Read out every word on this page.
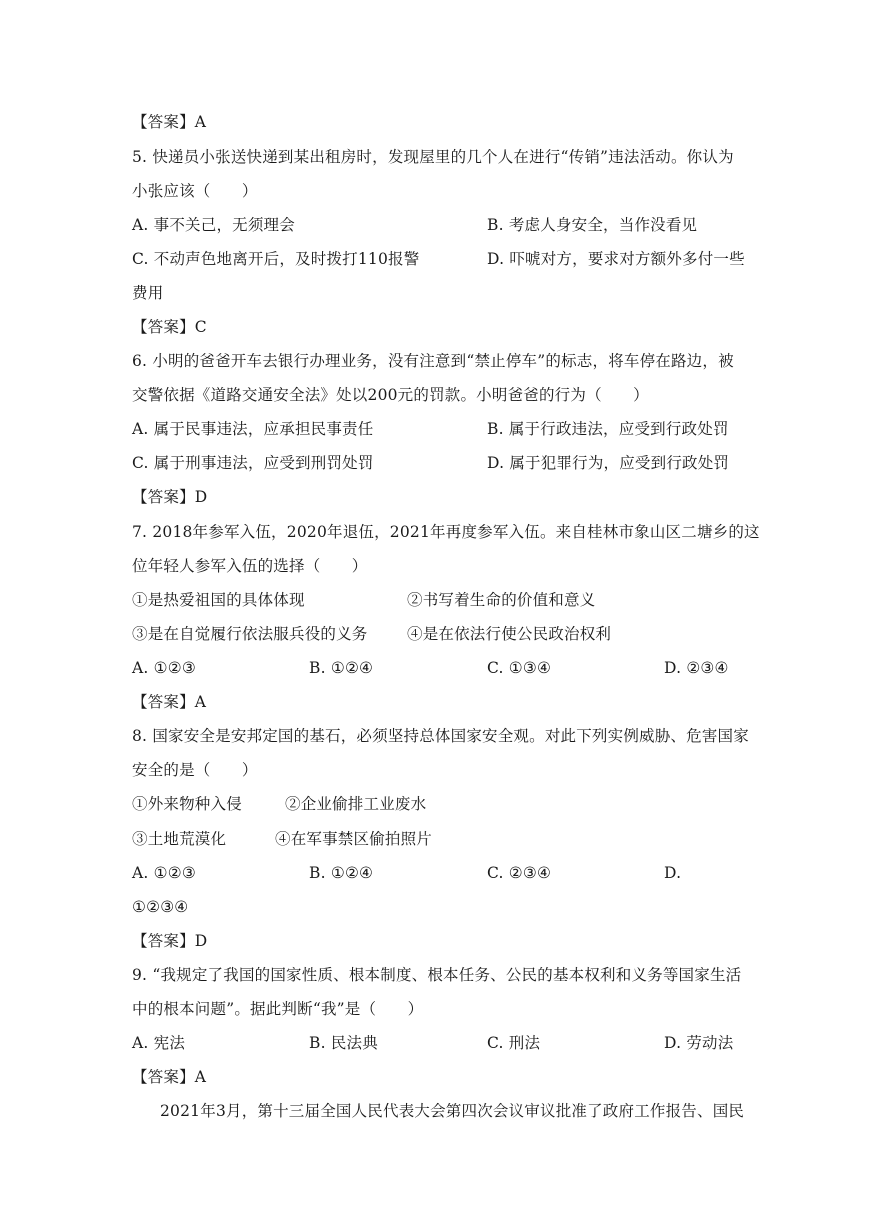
【答案】A
5. 快递员小张送快递到某出租房时，发现屋里的几个人在进行“传销”违法活动。你认为
小张应该（　　）
A. 事不关己，无须理会	B. 考虑人身安全，当作没看见
C. 不动声色地离开后，及时拨打110报警	D. 吓唬对方，要求对方额外多付一些
费用
【答案】C
6. 小明的爸爸开车去银行办理业务，没有注意到“禁止停车”的标志，将车停在路边，被
交警依据《道路交通安全法》处以200元的罚款。小明爸爸的行为（　　）
A. 属于民事违法，应承担民事责任	B. 属于行政违法，应受到行政处罚
C. 属于刑事违法，应受到刑罚处罚	D. 属于犯罪行为，应受到行政处罚
【答案】D
7. 2018年参军入伍，2020年退伍，2021年再度参军入伍。来自桂林市象山区二塘乡的这
位年轻人参军入伍的选择（　　）
①是热爱祖国的具体体现	②书写着生命的价值和意义
③是在自觉履行依法服兵役的义务	④是在依法行使公民政治权利
A. ①②③	B. ①②④	C. ①③④	D. ②③④
【答案】A
8. 国家安全是安邦定国的基石，必须坚持总体国家安全观。对此下列实例威胁、危害国家
安全的是（　　）
①外来物种入侵	②企业偷排工业废水
③土地荒漠化	④在军事禁区偷拍照片
A. ①②③	B. ①②④	C. ②③④	D.
①②③④
【答案】D
9. “我规定了我国的国家性质、根本制度、根本任务、公民的基本权利和义务等国家生活
中的根本问题”。据此判断“我”是（　　）
A. 宪法	B. 民法典	C. 刑法	D. 劳动法
【答案】A
2021年3月，第十三届全国人民代表大会第四次会议审议批准了政府工作报告、国民
